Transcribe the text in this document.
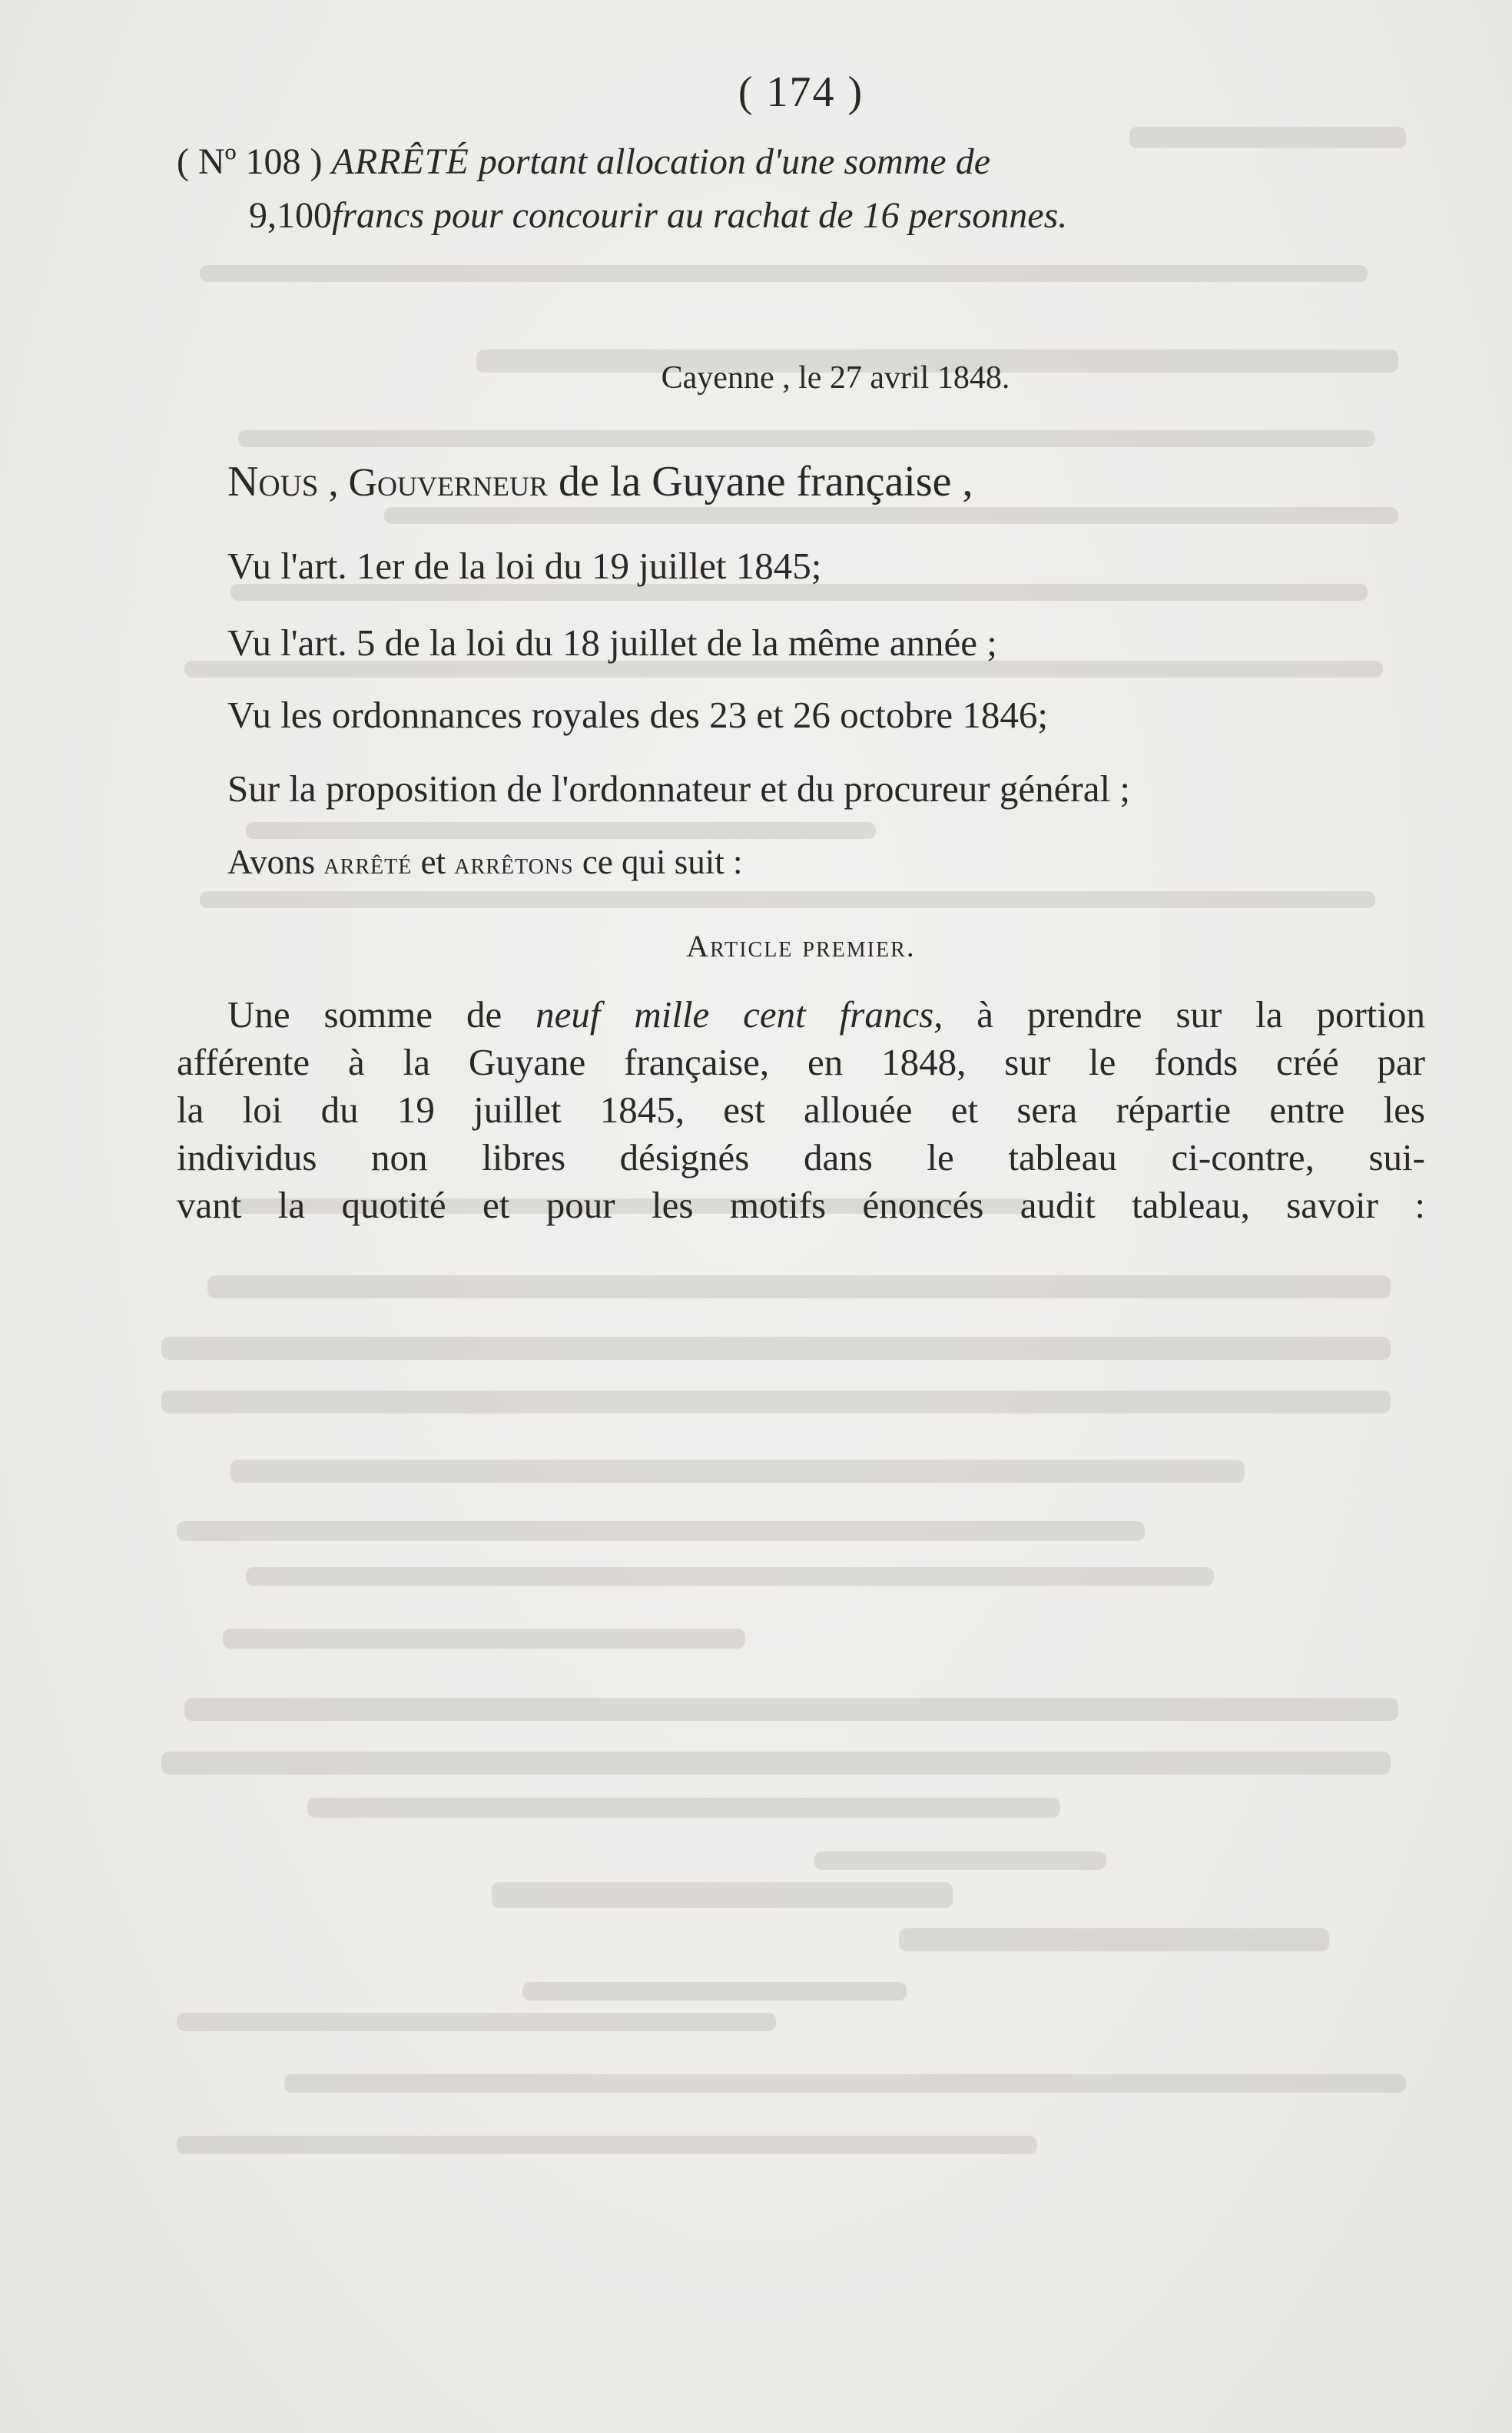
( 174 )
( Nº 108 ) ARRÊTÉ portant allocation d'une somme de
9,100francs pour concourir au rachat de 16 personnes.
Cayenne , le 27 avril 1848.
Nous , Gouverneur de la Guyane française ,
Vu l'art. 1er de la loi du 19 juillet 1845;
Vu l'art. 5 de la loi du 18 juillet de la même année ;
Vu les ordonnances royales des 23 et 26 octobre 1846;
Sur la proposition de l'ordonnateur et du procureur général ;
Avons arrêté et arrêtons ce qui suit :
Article premier.
Une somme de neuf mille cent francs, à prendre sur la portion
afférente à la Guyane française, en 1848, sur le fonds créé par
la loi du 19 juillet 1845, est allouée et sera répartie entre les
individus non libres désignés dans le tableau ci-contre, sui-
vant la quotité et pour les motifs énoncés audit tableau, savoir :
